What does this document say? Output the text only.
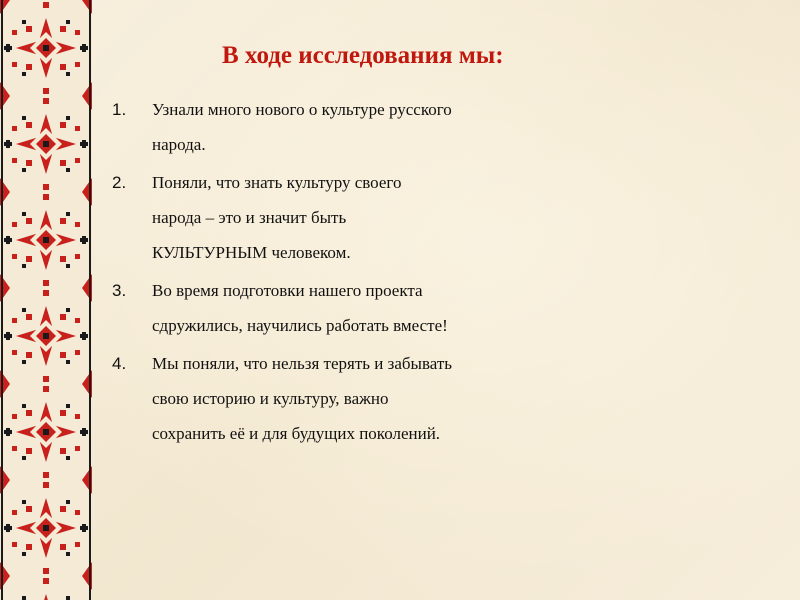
В ходе исследования мы:
1.	Узнали много нового о культуре русского
народа.
2.	Поняли, что знать культуру своего
народа – это и значит быть
КУЛЬТУРНЫМ человеком.
3.	Во время подготовки нашего проекта
сдружились, научились работать вместе!
4.	Мы поняли, что нельзя терять и забывать
свою историю и культуру, важно
сохранить её и для будущих поколений.
